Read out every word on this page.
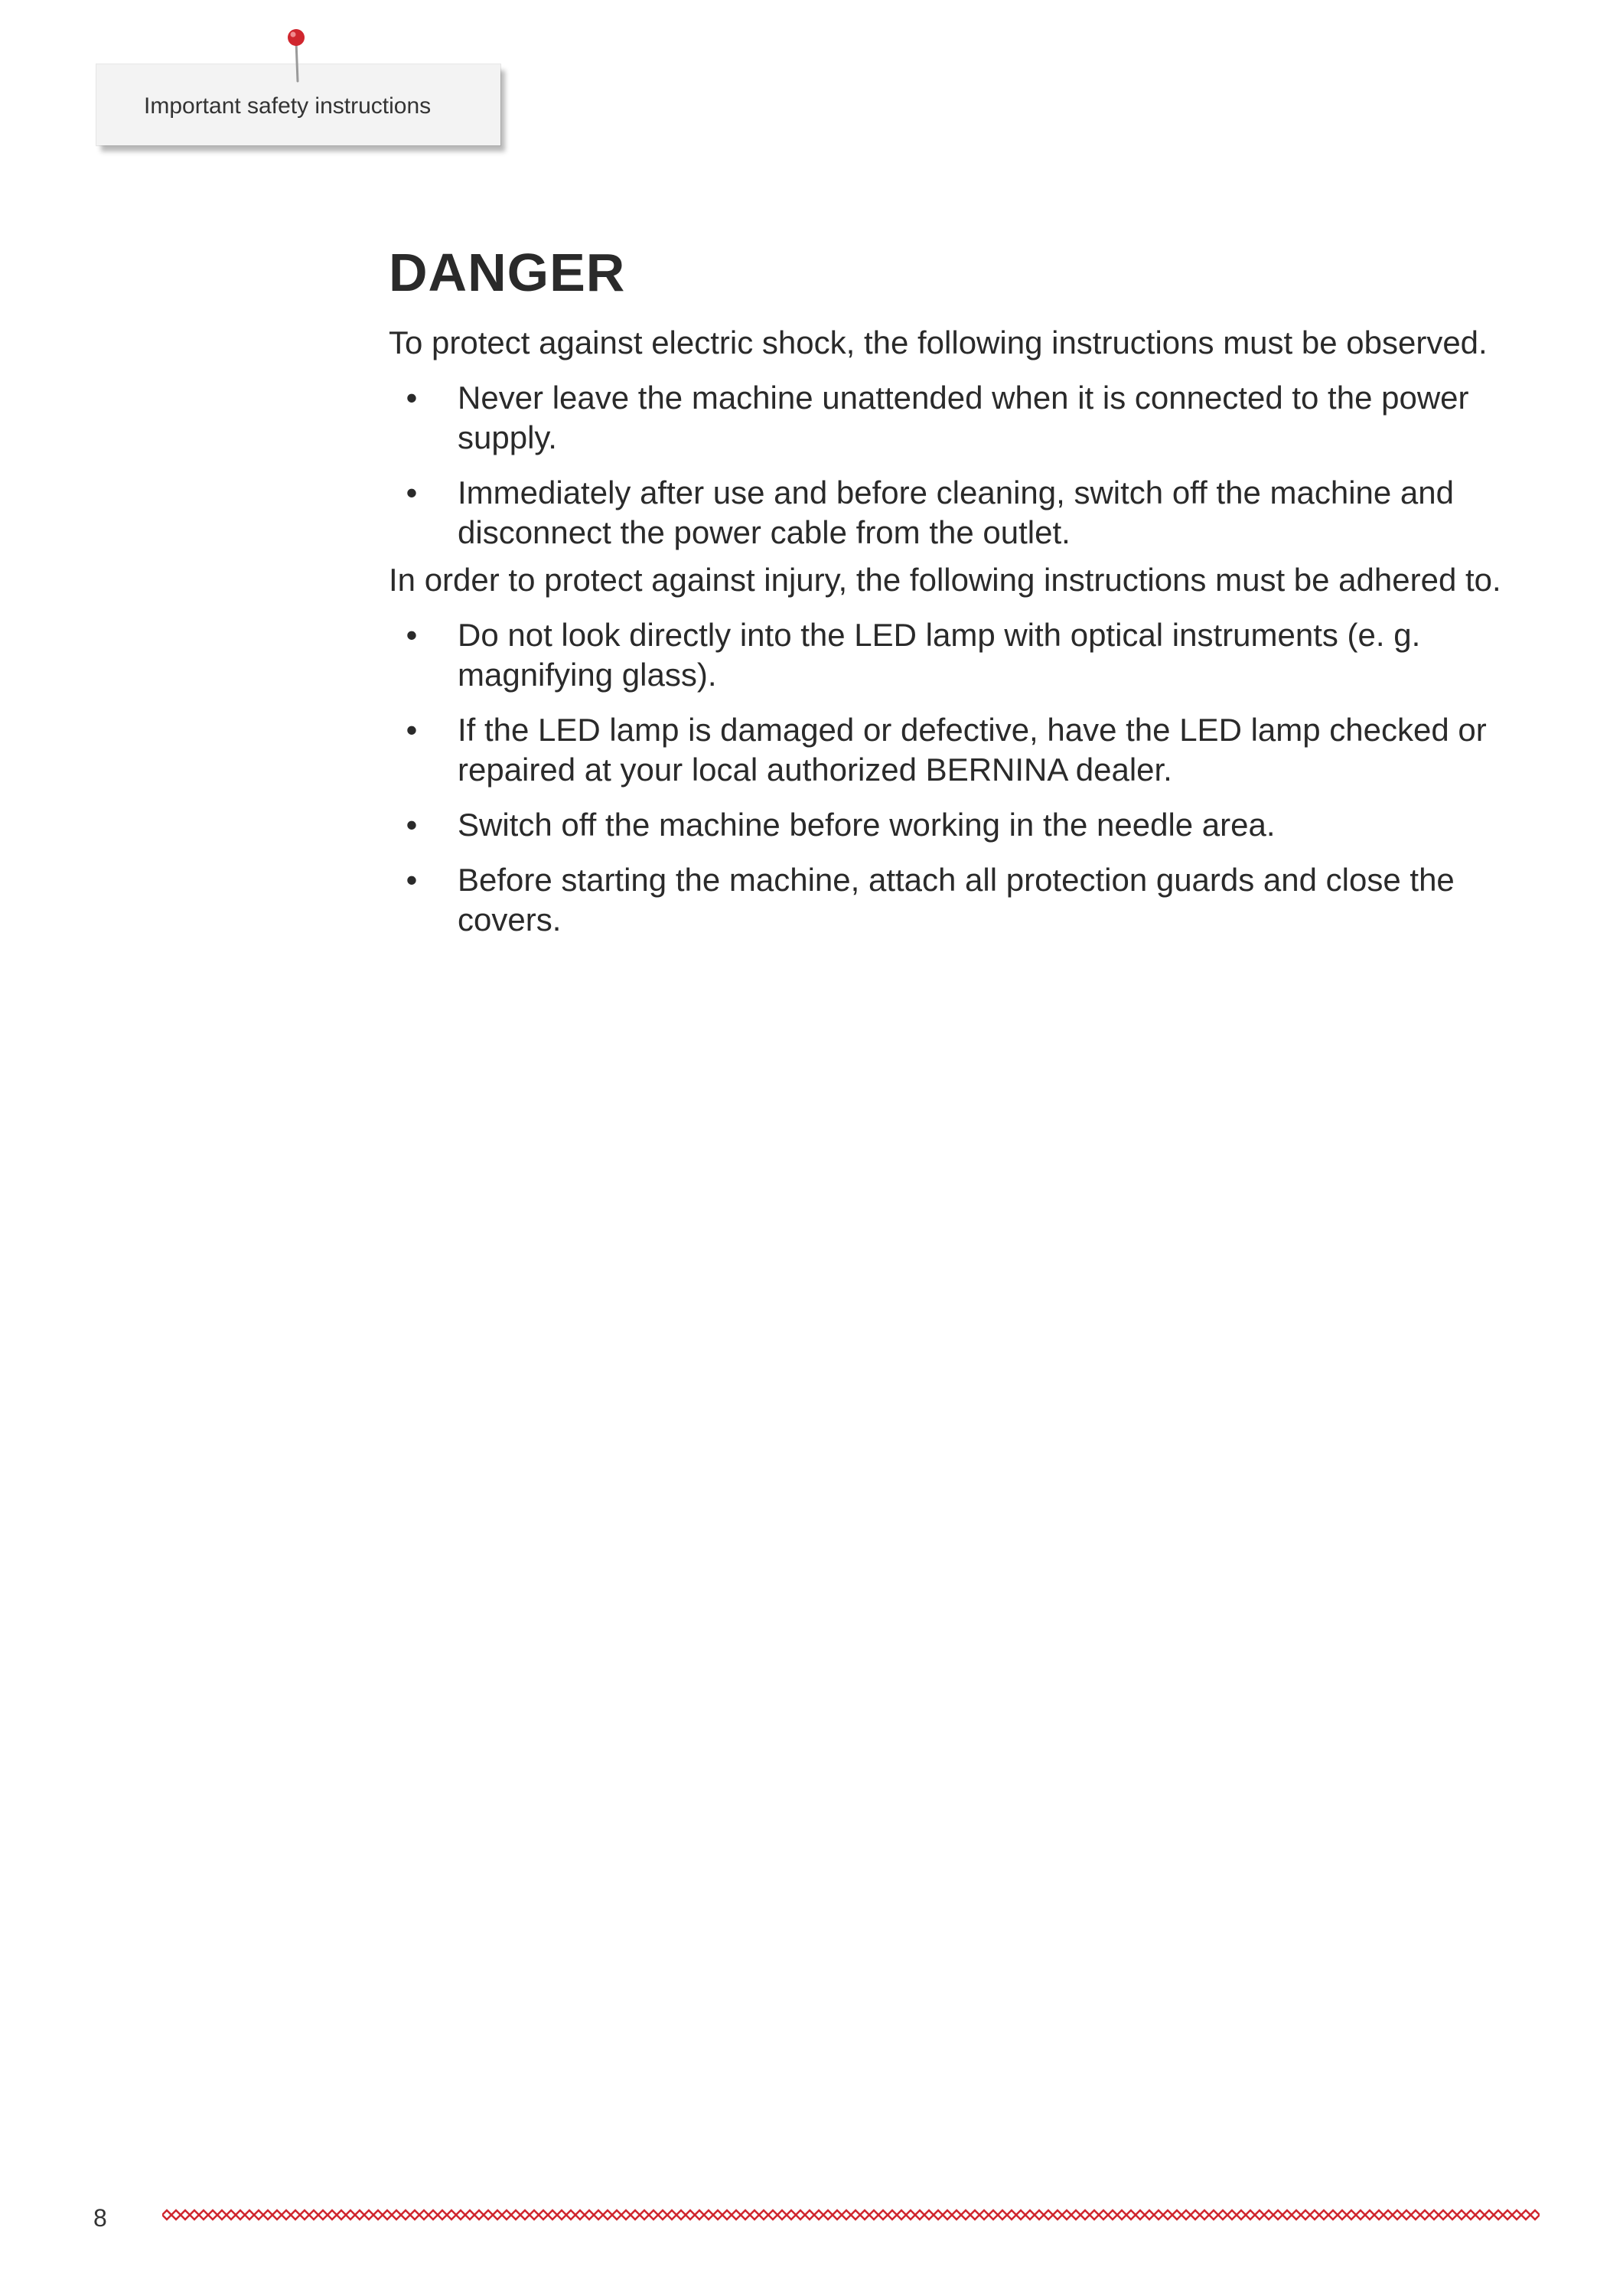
Important safety instructions
DANGER
To protect against electric shock, the following instructions must be observed.
• Never leave the machine unattended when it is connected to the power supply.
• Immediately after use and before cleaning, switch off the machine and disconnect the power cable from the outlet.
In order to protect against injury, the following instructions must be adhered to.
• Do not look directly into the LED lamp with optical instruments (e. g. magnifying glass).
• If the LED lamp is damaged or defective, have the LED lamp checked or repaired at your local authorized BERNINA dealer.
• Switch off the machine before working in the needle area.
• Before starting the machine, attach all protection guards and close the covers.
8
